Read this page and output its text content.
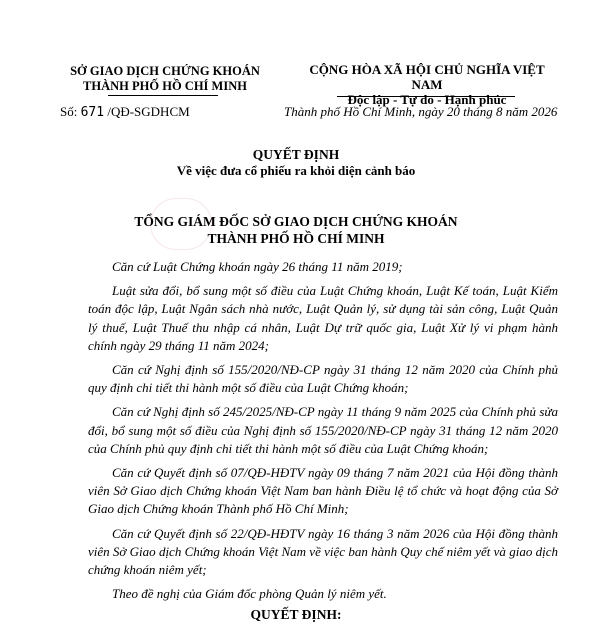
SỞ GIAO DỊCH CHỨNG KHOÁN
THÀNH PHỐ HỒ CHÍ MINH
CỘNG HÒA XÃ HỘI CHỦ NGHĨA VIỆT NAM
Độc lập - Tự do - Hạnh phúc
Số: 671 /QĐ-SGDHCM	Thành phố Hồ Chí Minh, ngày 20 tháng 8 năm 2026
QUYẾT ĐỊNH
Về việc đưa cổ phiếu ra khỏi diện cảnh báo
TỔNG GIÁM ĐỐC SỞ GIAO DỊCH CHỨNG KHOÁN
THÀNH PHỐ HỒ CHÍ MINH

Căn cứ Luật Chứng khoán ngày 26 tháng 11 năm 2019;

Luật sửa đổi, bổ sung một số điều của Luật Chứng khoán, Luật Kế toán, Luật Kiểm toán độc lập, Luật Ngân sách nhà nước, Luật Quản lý, sử dụng tài sản công, Luật Quản lý thuế, Luật Thuế thu nhập cá nhân, Luật Dự trữ quốc gia, Luật Xử lý vi phạm hành chính ngày 29 tháng 11 năm 2024;

Căn cứ Nghị định số 155/2020/NĐ-CP ngày 31 tháng 12 năm 2020 của Chính phủ quy định chi tiết thi hành một số điều của Luật Chứng khoán;

Căn cứ Nghị định số 245/2025/NĐ-CP ngày 11 tháng 9 năm 2025 của Chính phủ sửa đổi, bổ sung một số điều của Nghị định số 155/2020/NĐ-CP ngày 31 tháng 12 năm 2020 của Chính phủ quy định chi tiết thi hành một số điều của Luật Chứng khoán;

Căn cứ Quyết định số 07/QĐ-HĐTV ngày 09 tháng 7 năm 2021 của Hội đồng thành viên Sở Giao dịch Chứng khoán Việt Nam ban hành Điều lệ tổ chức và hoạt động của Sở Giao dịch Chứng khoán Thành phố Hồ Chí Minh;

Căn cứ Quyết định số 22/QĐ-HĐTV ngày 16 tháng 3 năm 2026 của Hội đồng thành viên Sở Giao dịch Chứng khoán Việt Nam về việc ban hành Quy chế niêm yết và giao dịch chứng khoán niêm yết;

Theo đề nghị của Giám đốc phòng Quản lý niêm yết.

QUYẾT ĐỊNH:
